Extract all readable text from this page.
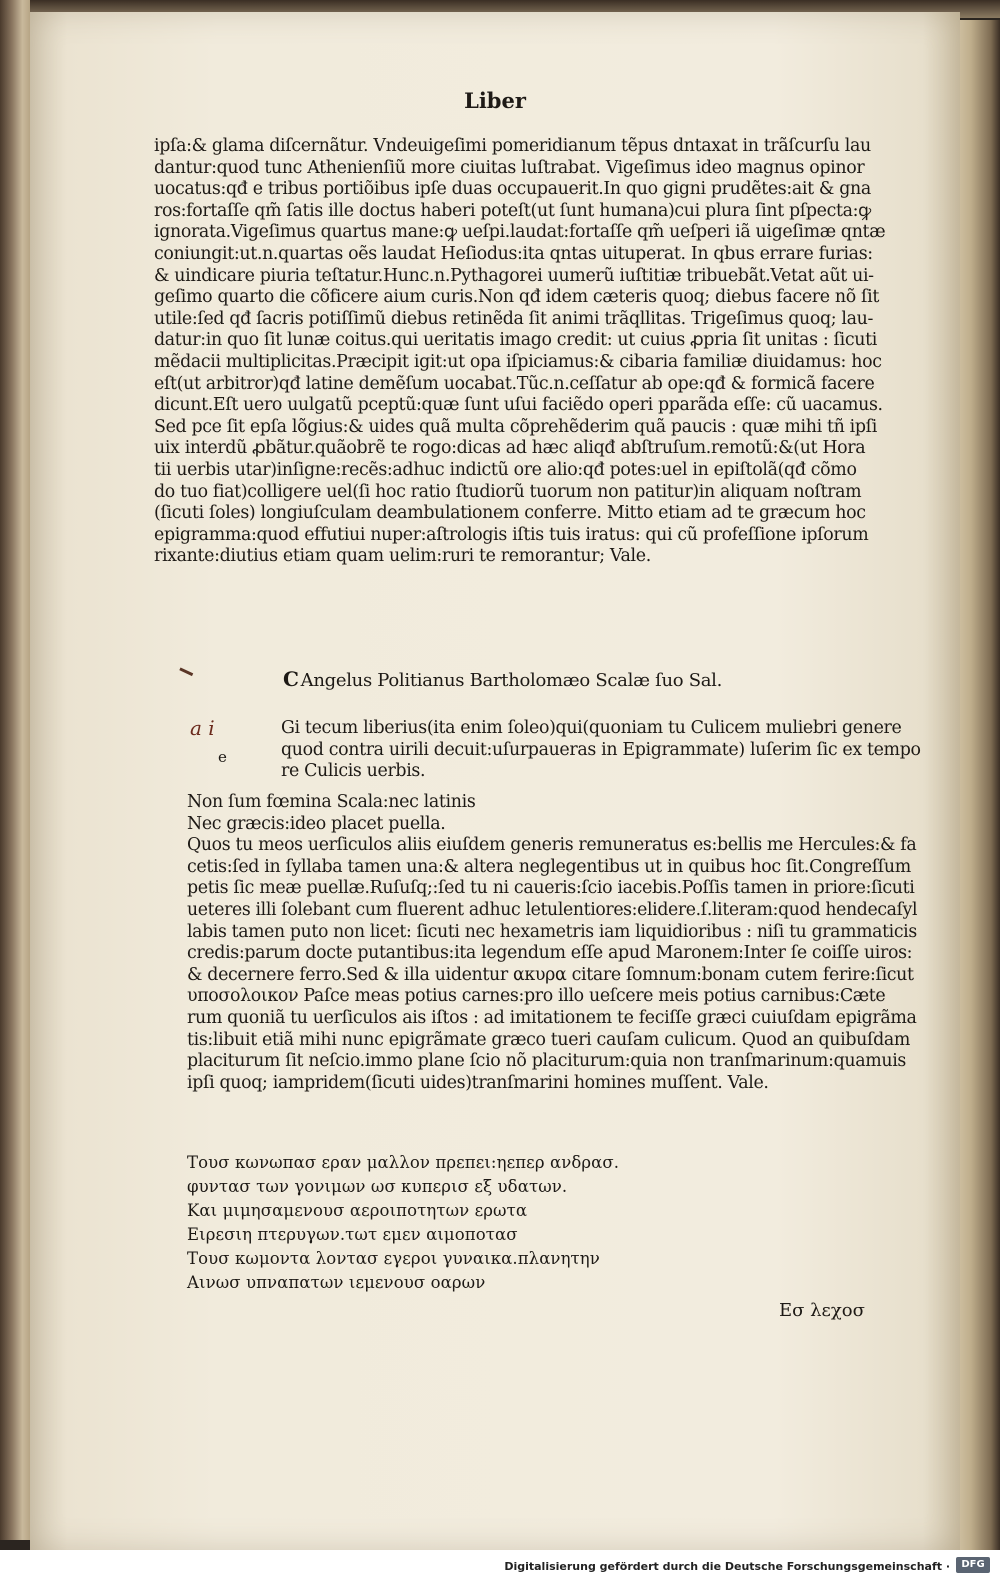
Liber
ipſa:& glama diſcernãtur. Vndeuigeſimi pomeridianum tẽpus dntaxat in trãſcurſu lau
dantur:quod tunc Athenienſiũ more ciuitas luſtrabat. Vigeſimus ideo magnus opinor
uocatus:qđ e tribus portiõibus ipſe duas occupauerit.In quo gigni prudẽtes:ait & gna
ros:fortaſſe qm̃ ſatis ille doctus haberi poteſt(ut ſunt humana)cui plura ſint pſpecta:ꝙ
ignorata.Vigeſimus quartus mane:ꝙ ueſpi.laudat:fortaſſe qm̃ ueſperi iã uigeſimæ qntæ
coniungit:ut.n.quartas oẽs laudat Heſiodus:ita qntas uituperat. In qbus errare furias:
& uindicare piuria teſtatur.Hunc.n.Pythagorei uumerũ iuſtitiæ tribuebãt.Vetat aũt ui-
geſimo quarto die cõficere aium curis.Non qđ idem cæteris quoq; diebus facere nõ ſit
utile:ſed qđ ſacris potiſſimũ diebus retinẽda ſit animi trãqllitas. Trigeſimus quoq; lau-
datur:in quo ſit lunæ coitus.qui ueritatis imago credit: ut cuius ꝓpria ſit unitas : ſicuti
mẽdacii multiplicitas.Præcipit igit:ut opa iſpiciamus:& cibaria familiæ diuidamus: hoc
eſt(ut arbitror)qđ latine demẽſum uocabat.Tũc.n.ceſſatur ab ope:qđ & formicã facere
dicunt.Eſt uero uulgatũ pceptũ:quæ ſunt uſui faciẽdo operi pparãda eſſe: cũ uacamus.
Sed pce ſit epſa lõgius:& uides quã multa cõprehẽderim quã paucis : quæ mihi tñ ipſi
uix interdũ ꝓbãtur.quãobrẽ te rogo:dicas ad hæc aliqđ abſtruſum.remotũ:&(ut Hora
tii uerbis utar)inſigne:recẽs:adhuc indictũ ore alio:qđ potes:uel in epiſtolã(qđ cõmo
do tuo fiat)colligere uel(ſi hoc ratio ſtudiorũ tuorum non patitur)in aliquam noſtram
(ſicuti ſoles) longiuſculam deambulationem conferre. Mitto etiam ad te græcum hoc
epigramma:quod effutiui nuper:aſtrologis iſtis tuis iratus: qui cũ profeſſione ipſorum
rixante:diutius etiam quam uelim:ruri te remorantur; Vale.
C Angelus Politianus Bartholomæo Scalæ ſuo Sal.
a i
e
Gi tecum liberius(ita enim ſoleo)qui(quoniam tu Culicem muliebri genere
quod contra uirili decuit:uſurpaueras in Epigrammate) luſerim ſic ex tempo
re Culicis uerbis.
Non ſum fœmina Scala:nec latinis
Nec græcis:ideo placet puella.
Quos tu meos uerſiculos aliis eiuſdem generis remuneratus es:bellis me Hercules:& fa
cetis:ſed in ſyllaba tamen una:& altera neglegentibus ut in quibus hoc ſit.Congreſſum
petis ſic meæ puellæ.Ruſuſq;:ſed tu ni caueris:ſcio iacebis.Poſſis tamen in priore:ſicuti
ueteres illi ſolebant cum fluerent adhuc letulentiores:elidere.ſ.literam:quod hendecaſyl
labis tamen puto non licet: ſicuti nec hexametris iam liquidioribus : niſi tu grammaticis
credis:parum docte putantibus:ita legendum eſſe apud Maronem:Inter ſe coiſſe uiros:
& decernere ferro.Sed & illa uidentur ακυρα citare ſomnum:bonam cutem ferire:ſicut
υποσολοικον Paſce meas potius carnes:pro illo ueſcere meis potius carnibus:Cæte
rum quoniã tu uerſiculos ais iſtos : ad imitationem te feciſſe græci cuiuſdam epigrãma
tis:libuit etiã mihi nunc epigrãmate græco tueri cauſam culicum. Quod an quibuſdam
placiturum ſit neſcio.immo plane ſcio nõ placiturum:quia non tranſmarinum:quamuis
ipſi quoq; iampridem(ſicuti uides)tranſmarini homines muſſent. Vale.
Τουσ κωνωπασ εραν μαλλον πρεπει:ηεπερ ανδρασ.
φυντασ των γονιμων ωσ κυπερισ εξ υδατων.
Και μιμησαμενουσ αεροιποτητων ερωτα
Ειρεσιη πτερυγων.τωτ εμεν αιμοποτασ
Τουσ κωμοντα λοντασ εγεροι γυναικα.πλανητην
Αινωσ υπναπατων ιεμενουσ οαρων
Εσ λεχοσ
Digitalisierung gefördert durch die Deutsche Forschungsgemeinschaft ·	DFG
